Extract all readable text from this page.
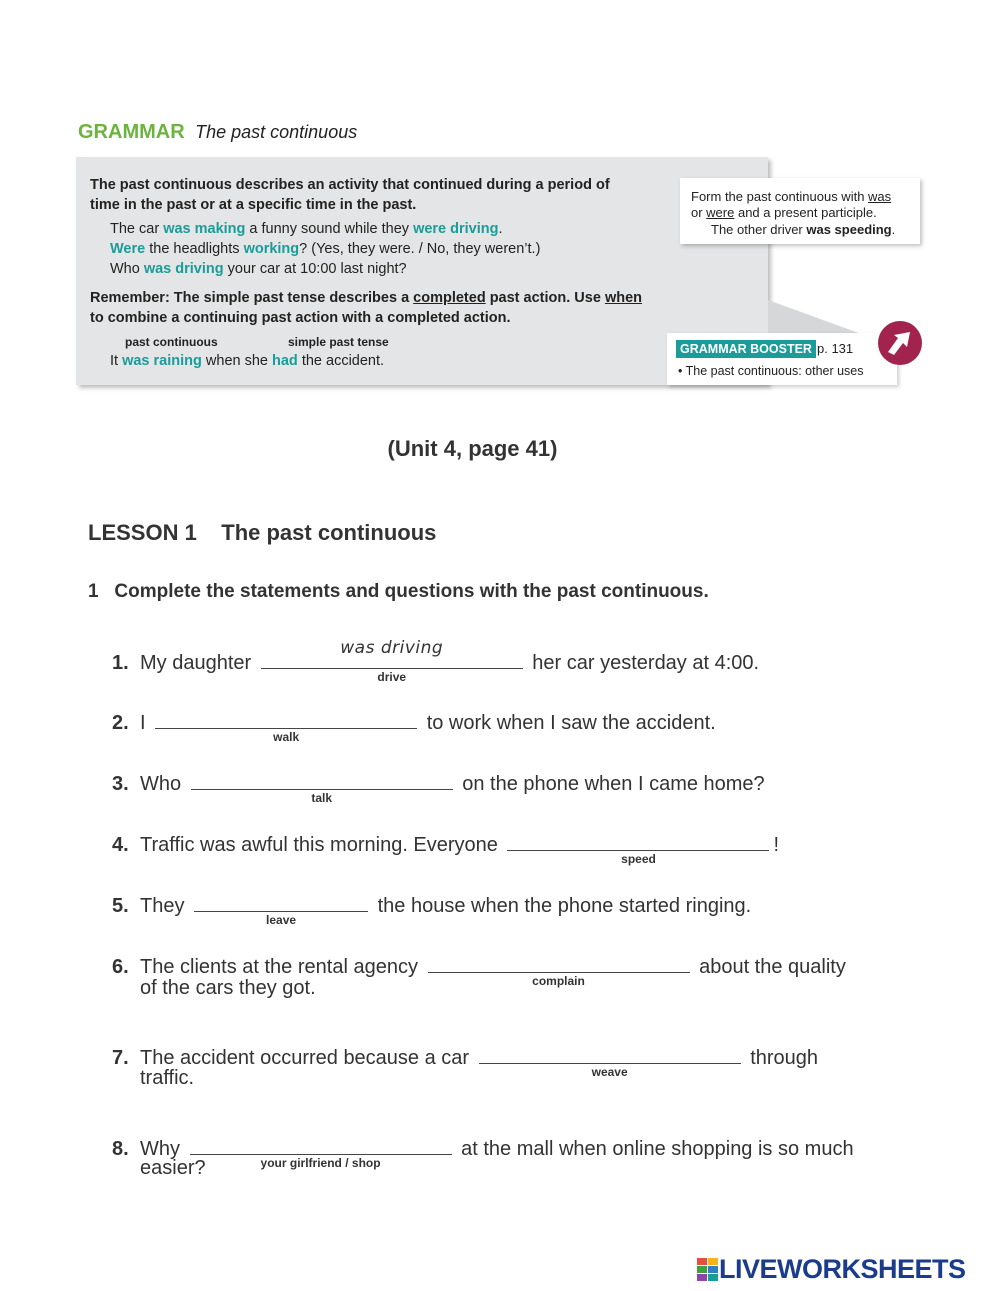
GRAMMAR The past continuous
The past continuous describes an activity that continued during a period of
time in the past or at a specific time in the past.
The car was making a funny sound while they were driving.
Were the headlights working? (Yes, they were. / No, they weren’t.)
Who was driving your car at 10:00 last night?
Remember: The simple past tense describes a completed past action. Use when
to combine a continuing past action with a completed action.
past continuous	simple past tense
It was raining when she had the accident.
Form the past continuous with was
or were and a present participle.
The other driver was speeding.
GRAMMAR BOOSTER p. 131
• The past continuous: other uses
(Unit 4, page 41)
LESSON 1    The past continuous
1   Complete the statements and questions with the past continuous.
1. My daughter
was driving
drive
her car yesterday at 4:00.
2. I
walk
to work when I saw the accident.
3. Who
talk
on the phone when I came home?
4. Traffic was awful this morning. Everyone
speed
!
5. They
leave
the house when the phone started ringing.
6. The clients at the rental agency
complain
about the quality
of the cars they got.
7. The accident occurred because a car
weave
through
traffic.
8. Why
your girlfriend / shop
at the mall when online shopping is so much
easier?
LIVEWORKSHEETS
